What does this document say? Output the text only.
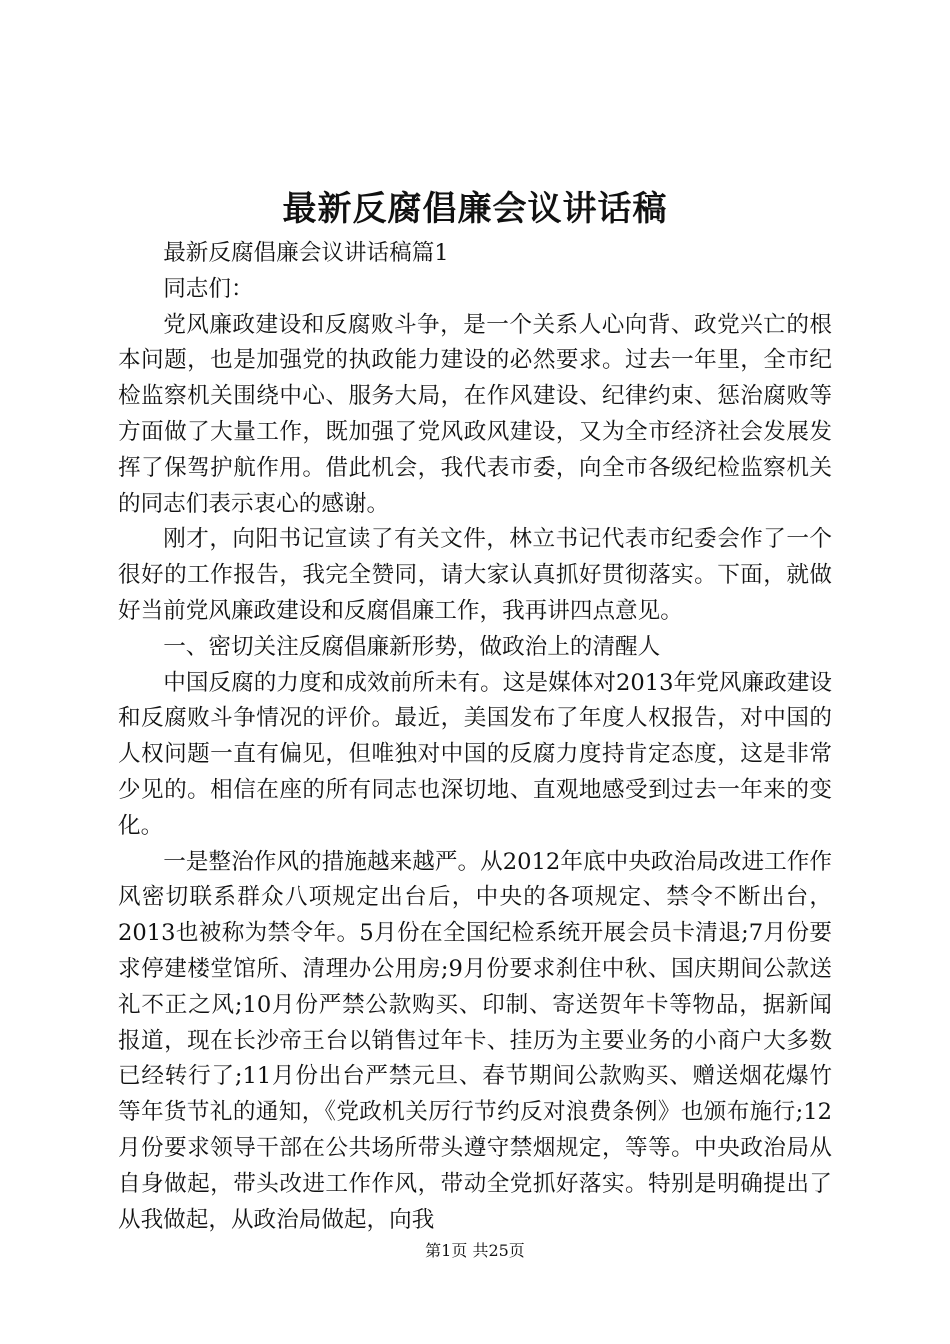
最新反腐倡廉会议讲话稿

最新反腐倡廉会议讲话稿篇1

同志们：

党风廉政建设和反腐败斗争，是一个关系人心向背、政党兴亡的根本问题，也是加强党的执政能力建设的必然要求。过去一年里，全市纪检监察机关围绕中心、服务大局，在作风建设、纪律约束、惩治腐败等方面做了大量工作，既加强了党风政风建设，又为全市经济社会发展发挥了保驾护航作用。借此机会，我代表市委，向全市各级纪检监察机关的同志们表示衷心的感谢。

刚才，向阳书记宣读了有关文件，林立书记代表市纪委会作了一个很好的工作报告，我完全赞同，请大家认真抓好贯彻落实。下面，就做好当前党风廉政建设和反腐倡廉工作，我再讲四点意见。

一、密切关注反腐倡廉新形势，做政治上的清醒人

中国反腐的力度和成效前所未有。这是媒体对2013年党风廉政建设和反腐败斗争情况的评价。最近，美国发布了年度人权报告，对中国的人权问题一直有偏见，但唯独对中国的反腐力度持肯定态度，这是非常少见的。相信在座的所有同志也深切地、直观地感受到过去一年来的变化。

一是整治作风的措施越来越严。从2012年底中央政治局改进工作作风密切联系群众八项规定出台后，中央的各项规定、禁令不断出台，2013也被称为禁令年。5月份在全国纪检系统开展会员卡清退;7月份要求停建楼堂馆所、清理办公用房;9月份要求刹住中秋、国庆期间公款送礼不正之风;10月份严禁公款购买、印制、寄送贺年卡等物品，据新闻报道，现在长沙帝王台以销售过年卡、挂历为主要业务的小商户大多数已经转行了;11月份出台严禁元旦、春节期间公款购买、赠送烟花爆竹等年货节礼的通知，《党政机关厉行节约反对浪费条例》也颁布施行;12月份要求领导干部在公共场所带头遵守禁烟规定，等等。中央政治局从自身做起，带头改进工作作风，带动全党抓好落实。特别是明确提出了从我做起，从政治局做起，向我

第1页 共25页
